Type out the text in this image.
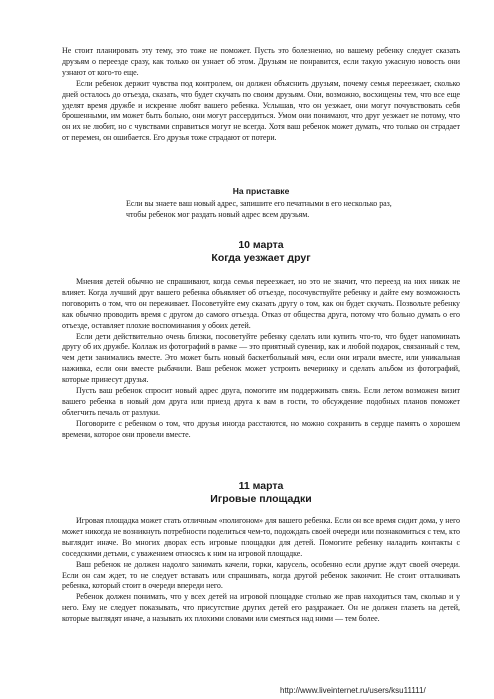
Не стоит планировать эту тему, это тоже не поможет. Пусть это болезненно, но вашему ребенку следует сказать друзьям о переезде сразу, как только он узнает об этом. Друзьям не понравится, если такую ужасную новость они узнают от кого-то еще.

Если ребенок держит чувства под контролем, он должен объяснить друзьям, почему семья переезжает, сколько дней осталось до отъезда, сказать, что будет скучать по своим друзьям. Они, возможно, восхищены тем, что все еще уделят время дружбе и искренне любят вашего ребенка. Услышав, что он уезжает, они могут почувствовать себя брошенными, им может быть больно, они могут рассердиться. Умом они понимают, что друг уезжает не потому, что он их не любит, но с чувствами справиться могут не всегда. Хотя ваш ребенок может думать, что только он страдает от перемен, он ошибается. Его друзья тоже страдают от потери.

На приставке

Если вы знаете ваш новый адрес, запишите его печатными в его несколько раз, чтобы ребенок мог раздать новый адрес всем друзьям.

10 марта
Когда уезжает друг

Мнения детей обычно не спрашивают, когда семья переезжает, но это не значит, что переезд на них никак не влияет. Когда лучший друг вашего ребенка объявляет об отъезде, посочувствуйте ребенку и дайте ему возможность поговорить о том, что он переживает. Посоветуйте ему сказать другу о том, как он будет скучать. Позвольте ребенку как обычно проводить время с другом до самого отъезда. Отказ от общества друга, потому что больно думать о его отъезде, оставляет плохие воспоминания у обоих детей.

Если дети действительно очень близки, посоветуйте ребенку сделать или купить что-то, что будет напоминать другу об их дружбе. Коллаж из фотографий в рамке — это приятный сувенир, как и любой подарок, связанный с тем, чем дети занимались вместе. Это может быть новый баскетбольный мяч, если они играли вместе, или уникальная наживка, если они вместе рыбачили. Ваш ребенок может устроить вечеринку и сделать альбом из фотографий, которые принесут друзья.

Пусть ваш ребенок спросит новый адрес друга, помогите им поддерживать связь. Если летом возможен визит вашего ребенка в новый дом друга или приезд друга к вам в гости, то обсуждение подобных планов поможет облегчить печаль от разлуки.

Поговорите с ребенком о том, что друзья иногда расстаются, но можно сохранить в сердце память о хорошем времени, которое они провели вместе.

11 марта
Игровые площадки

Игровая площадка может стать отличным «полигоном» для вашего ребенка. Если он все время сидит дома, у него может никогда не возникнуть потребности поделиться чем-то, подождать своей очереди или познакомиться с тем, кто выглядит иначе. Во многих дворах есть игровые площадки для детей. Помогите ребенку наладить контакты с соседскими детьми, с уважением относясь к ним на игровой площадке.

Ваш ребенок не должен надолго занимать качели, горки, карусель, особенно если другие ждут своей очереди. Если он сам ждет, то не следует вставать или спрашивать, когда другой ребенок закончит. Не стоит отталкивать ребенка, который стоит в очереди впереди него.

Ребенок должен понимать, что у всех детей на игровой площадке столько же прав находиться там, сколько и у него. Ему не следует показывать, что присутствие других детей его раздражает. Он не должен глазеть на детей, которые выглядят иначе, а называть их плохими словами или смеяться над ними — тем более.

http://www.liveinternet.ru/users/ksu11111/
